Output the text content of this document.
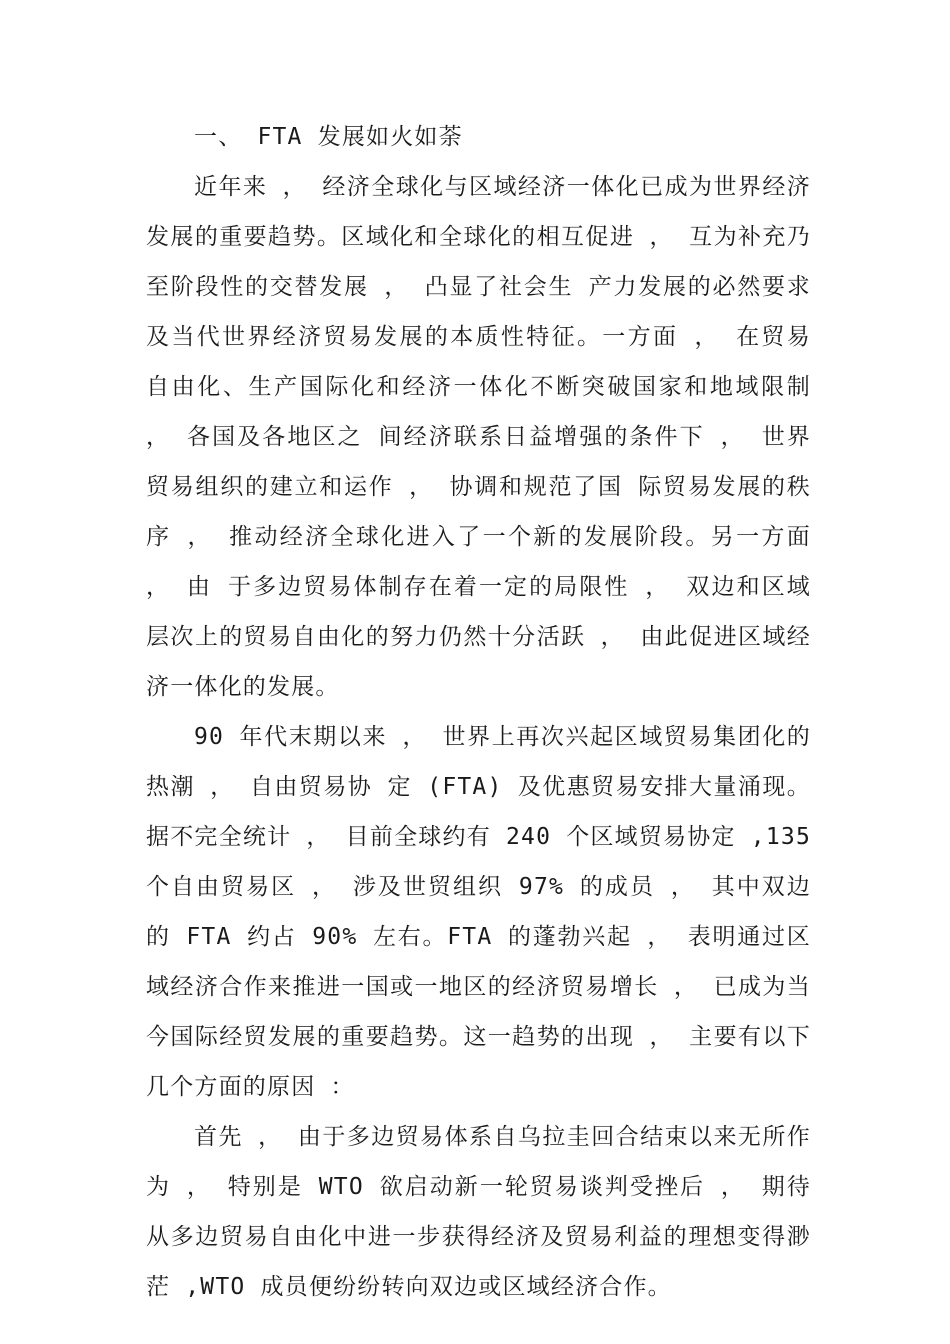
一、 FTA 发展如火如荼

近年来 ， 经济全球化与区域经济一体化已成为世界经济发展的重要趋势。区域化和全球化的相互促进 ， 互为补充乃至阶段性的交替发展 ， 凸显了社会生 产力发展的必然要求及当代世界经济贸易发展的本质性特征。一方面 ， 在贸易 自由化、生产国际化和经济一体化不断突破国家和地域限制 ， 各国及各地区之 间经济联系日益增强的条件下 ， 世界贸易组织的建立和运作 ， 协调和规范了国 际贸易发展的秩序 ， 推动经济全球化进入了一个新的发展阶段。另一方面 ， 由 于多边贸易体制存在着一定的局限性 ， 双边和区域层次上的贸易自由化的努力仍然十分活跃 ， 由此促进区域经济一体化的发展。

90 年代末期以来 ， 世界上再次兴起区域贸易集团化的热潮 ， 自由贸易协 定 (FTA) 及优惠贸易安排大量涌现。据不完全统计 ， 目前全球约有 240 个区域贸易协定 ,135 个自由贸易区 ， 涉及世贸组织 97% 的成员 ， 其中双边的 FTA 约占 90% 左右。FTA 的蓬勃兴起 ， 表明通过区域经济合作来推进一国或一地区的经济贸易增长 ， 已成为当今国际经贸发展的重要趋势。这一趋势的出现 ， 主要有以下几个方面的原因 ：

首先 ， 由于多边贸易体系自乌拉圭回合结束以来无所作为 ， 特别是 WTO 欲启动新一轮贸易谈判受挫后 ， 期待从多边贸易自由化中进一步获得经济及贸易利益的理想变得渺茫 ,WTO 成员便纷纷转向双边或区域经济合作。
